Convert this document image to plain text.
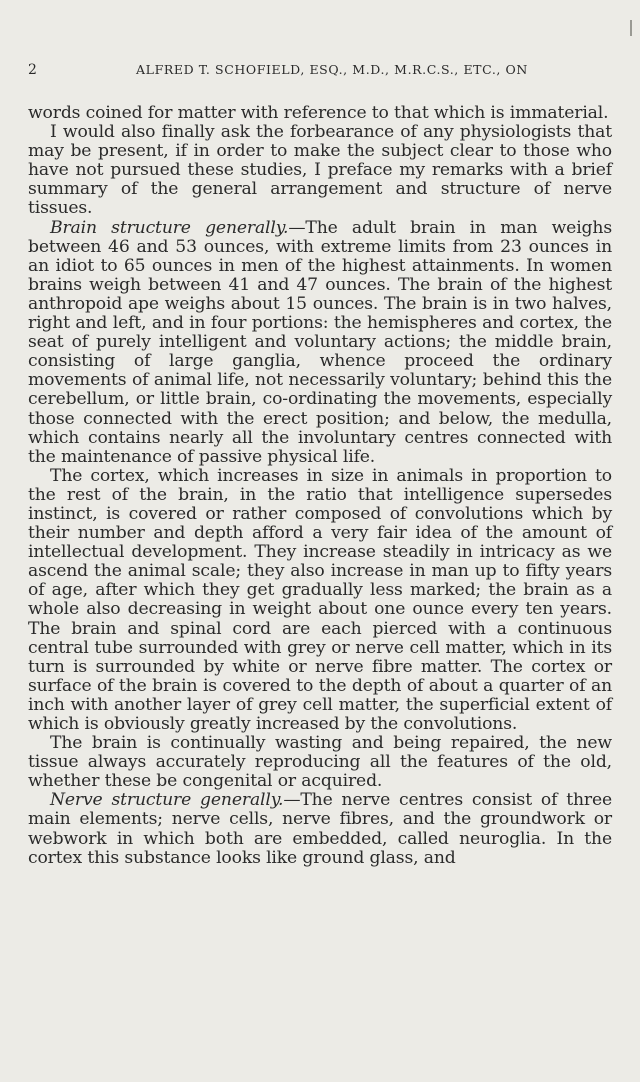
2	ALFRED T. SCHOFIELD, ESQ., M.D., M.R.C.S., ETC., ON

words coined for matter with reference to that which is immaterial.

I would also finally ask the forbearance of any physiologists that may be present, if in order to make the subject clear to those who have not pursued these studies, I preface my remarks with a brief summary of the general arrangement and structure of nerve tissues.

Brain structure generally.—The adult brain in man weighs between 46 and 53 ounces, with extreme limits from 23 ounces in an idiot to 65 ounces in men of the highest attainments. In women brains weigh between 41 and 47 ounces. The brain of the highest anthropoid ape weighs about 15 ounces. The brain is in two halves, right and left, and in four portions: the hemispheres and cortex, the seat of purely intelligent and voluntary actions; the middle brain, consisting of large ganglia, whence proceed the ordinary movements of animal life, not necessarily voluntary; behind this the cerebellum, or little brain, co-ordinating the movements, especially those connected with the erect position; and below, the medulla, which contains nearly all the involuntary centres connected with the maintenance of passive physical life.

The cortex, which increases in size in animals in proportion to the rest of the brain, in the ratio that intelligence supersedes instinct, is covered or rather composed of convolutions which by their number and depth afford a very fair idea of the amount of intellectual development. They increase steadily in intricacy as we ascend the animal scale; they also increase in man up to fifty years of age, after which they get gradually less marked; the brain as a whole also decreasing in weight about one ounce every ten years. The brain and spinal cord are each pierced with a continuous central tube surrounded with grey or nerve cell matter, which in its turn is surrounded by white or nerve fibre matter. The cortex or surface of the brain is covered to the depth of about a quarter of an inch with another layer of grey cell matter, the superficial extent of which is obviously greatly increased by the convolutions.

The brain is continually wasting and being repaired, the new tissue always accurately reproducing all the features of the old, whether these be congenital or acquired.

Nerve structure generally.—The nerve centres consist of three main elements; nerve cells, nerve fibres, and the groundwork or webwork in which both are embedded, called neuroglia. In the cortex this substance looks like ground glass, and
